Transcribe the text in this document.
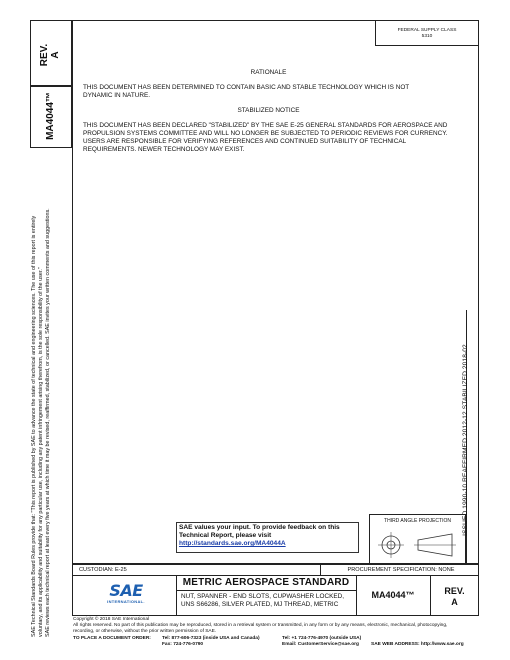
REV. A
MA4044™
SAE Technical Standards Board Rules provide that: "This report is published by SAE to advance the state of technical and engineering sciences. The use of this report is entirely voluntary, and its applicability and suitability for any particular use, including any patent infringement arising therefrom, is the sole responsibility of the user." SAE reviews each technical report at least every five years at which time it may be revised, reaffirmed, stabilized, or cancelled. SAE invites your written comments and suggestions.
FEDERAL SUPPLY CLASS
5310
RATIONALE
THIS DOCUMENT HAS BEEN DETERMINED TO CONTAIN BASIC AND STABLE TECHNOLOGY WHICH IS NOT DYNAMIC IN NATURE.
STABILIZED NOTICE
THIS DOCUMENT HAS BEEN DECLARED "STABILIZED" BY THE SAE E-25 GENERAL STANDARDS FOR AEROSPACE AND PROPULSION SYSTEMS COMMITTEE AND WILL NO LONGER BE SUBJECTED TO PERIODIC REVIEWS FOR CURRENCY. USERS ARE RESPONSIBLE FOR VERIFYING REFERENCES AND CONTINUED SUITABILITY OF TECHNICAL REQUIREMENTS. NEWER TECHNOLOGY MAY EXIST.
ISSUED 1990-10 REAFFIRMED 2012-12 STABILIZED 2018-02
SAE values your input. To provide feedback on this
Technical Report, please visit
http://standards.sae.org/MA4044A
THIRD ANGLE PROJECTION
CUSTODIAN: E-25	PROCUREMENT SPECIFICATION: NONE
SAE
INTERNATIONAL.
METRIC AEROSPACE STANDARD
NUT, SPANNER - END SLOTS, CUPWASHER LOCKED,
UNS S66286, SILVER PLATED, MJ THREAD, METRIC
MA4044™	REV.
A
Copyright © 2018 SAE International
All rights reserved. No part of this publication may be reproduced, stored in a retrieval system or transmitted, in any form or by any means, electronic, mechanical, photocopying,
recording, or otherwise, without the prior written permission of SAE.
TO PLACE A DOCUMENT ORDER: Tel: 877-606-7323 (inside USA and Canada)
Fax: 724-776-0790
Tel: +1 724-776-4970 (outside USA)
Email: CustomerService@sae.org	SAE WEB ADDRESS: http://www.sae.org
